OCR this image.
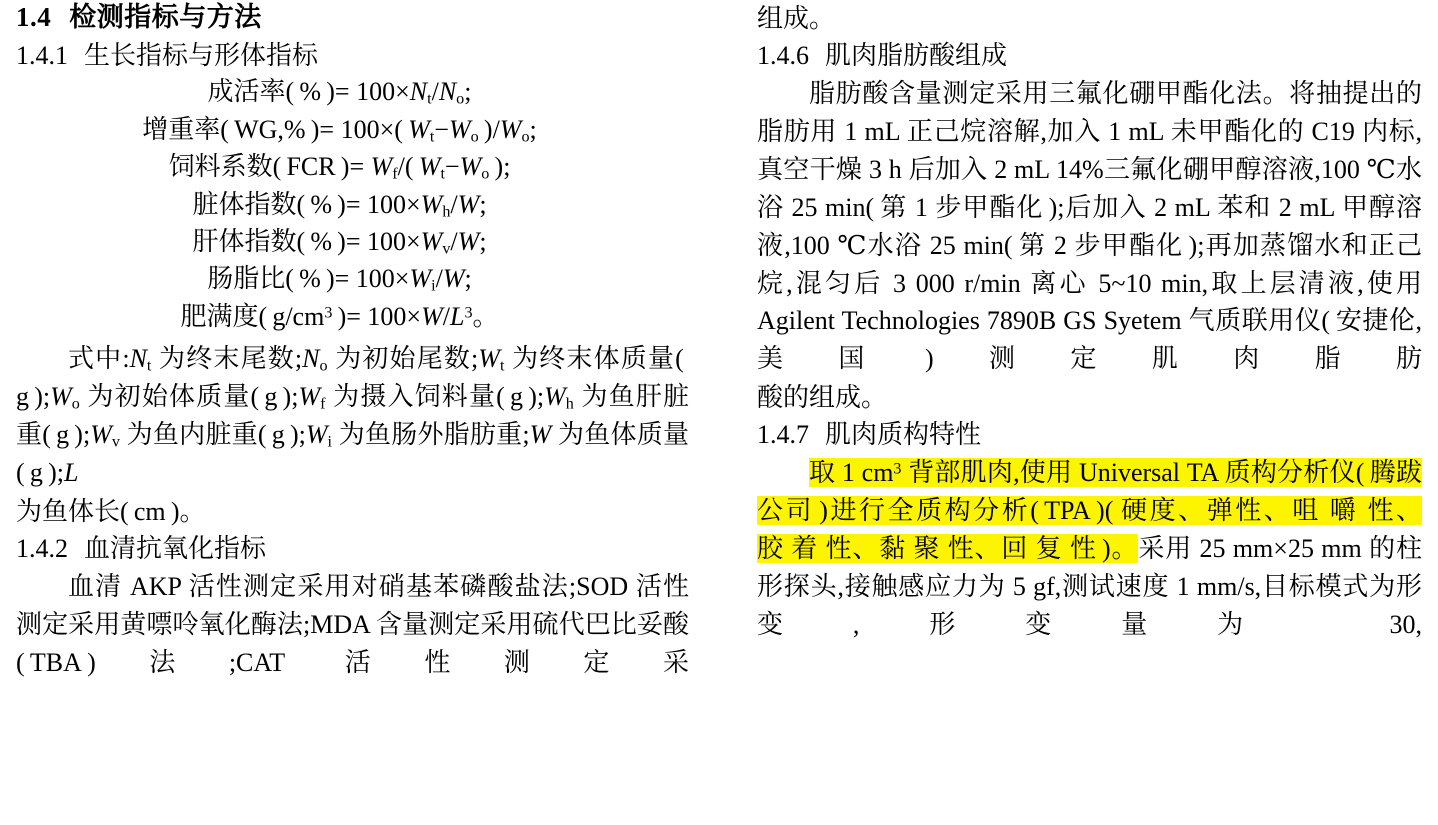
1.4 检测指标与方法
1.4.1 生长指标与形体指标
成活率( % )= $100\times N_t/N_o$;
增重率( WG,% )= 100×( $W_t-W_o$ )$/W_o$;
饲料系数( FCR )= $W_f/$( $W_t-W_o$ );
脏体指数( % )= $100\times W_h/W$;
肝体指数( % )= $100\times W_v/W$;
肠脂比( % )= $100\times W_i/W$;
肥满度( $g/cm^3$ )= $100\times W/L^3$。

式中$:N_t$ 为终末尾数$;N_o$ 为初始尾数$;W_t$ 为终末体质量( g )$;W_o$ 为初始体质量( g )$;W_f$ 为摄入饲料量( g )$;W_h$ 为鱼肝脏重( g )$;W_v$ 为鱼内脏重( g )$;W_i$ 为鱼肠外脂肪重;W 为鱼体质量( g );L

为鱼体长( cm )。

1.4.2 血清抗氧化指标

血清 AKP 活性测定采用对硝基苯磷酸盐法;SOD 活性测定采用黄嘌呤氧化酶法;MDA 含量测定采用硫代巴比妥酸( TBA )法;CAT 活性测定采

组成。

1.4.6 肌肉脂肪酸组成

脂肪酸含量测定采用三氟化硼甲酯化法。将抽提出的脂肪用 1 mL 正己烷溶解,加入 1 mL 未甲酯化的 C19 内标,真空干燥 3 h 后加入 2 mL 14%三氟化硼甲醇溶液,100 ℃水浴 25 min( 第 1 步甲酯化 );后加入 2 mL 苯和 2 mL 甲醇溶液,100 ℃水浴 25 min( 第 2 步甲酯化 );再加蒸馏水和正己烷,混匀后 3 000 r/min 离心 5~10 min,取上层清液,使用 Agilent Technologies 7890B GS Syetem 气质联用仪( 安捷伦,美国 )测定肌肉脂肪

酸的组成。

1.4.7 肌肉质构特性

取 1 $cm^3$ 背部肌肉,使用 Universal TA 质构分析仪( 腾跋公司 )进行全质构分析( TPA )( 硬度、弹性、咀 嚼 性、胶 着 性、黏 聚 性、回 复 性 )。采用 25 mm×25 mm 的柱形探头,接触感应力为 5 gf,测试速度 1 mm/s,目标模式为形变,形变量为 30,
